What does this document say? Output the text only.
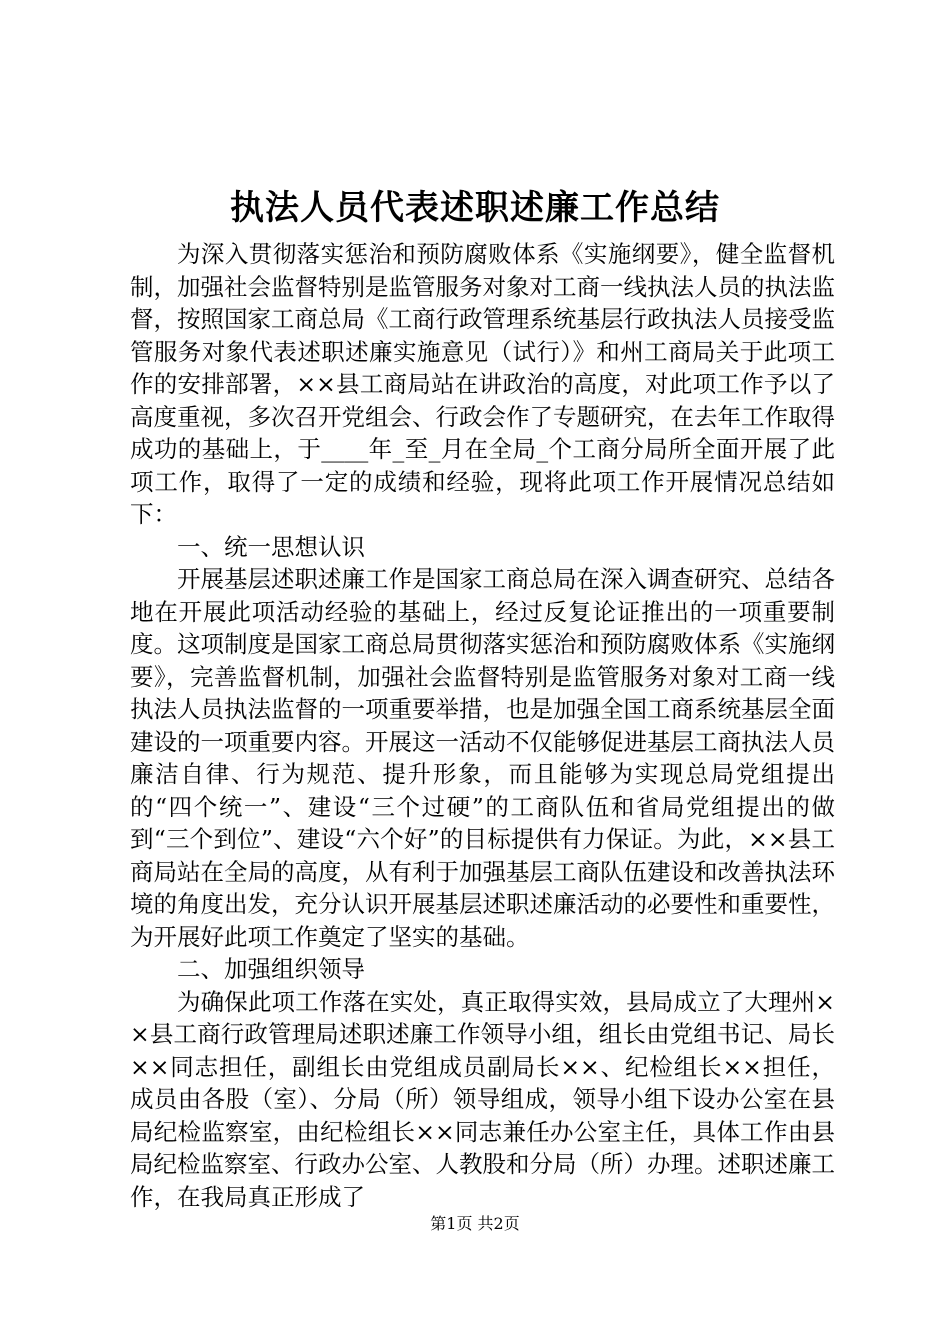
执法人员代表述职述廉工作总结

为深入贯彻落实惩治和预防腐败体系《实施纲要》，健全监督机制，加强社会监督特别是监管服务对象对工商一线执法人员的执法监督，按照国家工商总局《工商行政管理系统基层行政执法人员接受监管服务对象代表述职述廉实施意见（试行）》和州工商局关于此项工作的安排部署，××县工商局站在讲政治的高度，对此项工作予以了高度重视，多次召开党组会、行政会作了专题研究，在去年工作取得成功的基础上，于____年_至_月在全局_个工商分局所全面开展了此项工作，取得了一定的成绩和经验，现将此项工作开展情况总结如下：

一、统一思想认识

开展基层述职述廉工作是国家工商总局在深入调查研究、总结各地在开展此项活动经验的基础上，经过反复论证推出的一项重要制度。这项制度是国家工商总局贯彻落实惩治和预防腐败体系《实施纲要》，完善监督机制，加强社会监督特别是监管服务对象对工商一线执法人员执法监督的一项重要举措，也是加强全国工商系统基层全面建设的一项重要内容。开展这一活动不仅能够促进基层工商执法人员廉洁自律、行为规范、提升形象，而且能够为实现总局党组提出的“四个统一”、建设“三个过硬”的工商队伍和省局党组提出的做到“三个到位”、建设“六个好”的目标提供有力保证。为此，××县工商局站在全局的高度，从有利于加强基层工商队伍建设和改善执法环境的角度出发，充分认识开展基层述职述廉活动的必要性和重要性，为开展好此项工作奠定了坚实的基础。

二、加强组织领导

为确保此项工作落在实处，真正取得实效，县局成立了大理州××县工商行政管理局述职述廉工作领导小组，组长由党组书记、局长××同志担任，副组长由党组成员副局长××、纪检组长××担任，成员由各股（室）、分局（所）领导组成，领导小组下设办公室在县局纪检监察室，由纪检组长××同志兼任办公室主任，具体工作由县局纪检监察室、行政办公室、人教股和分局（所）办理。述职述廉工作，在我局真正形成了

第1页 共2页
